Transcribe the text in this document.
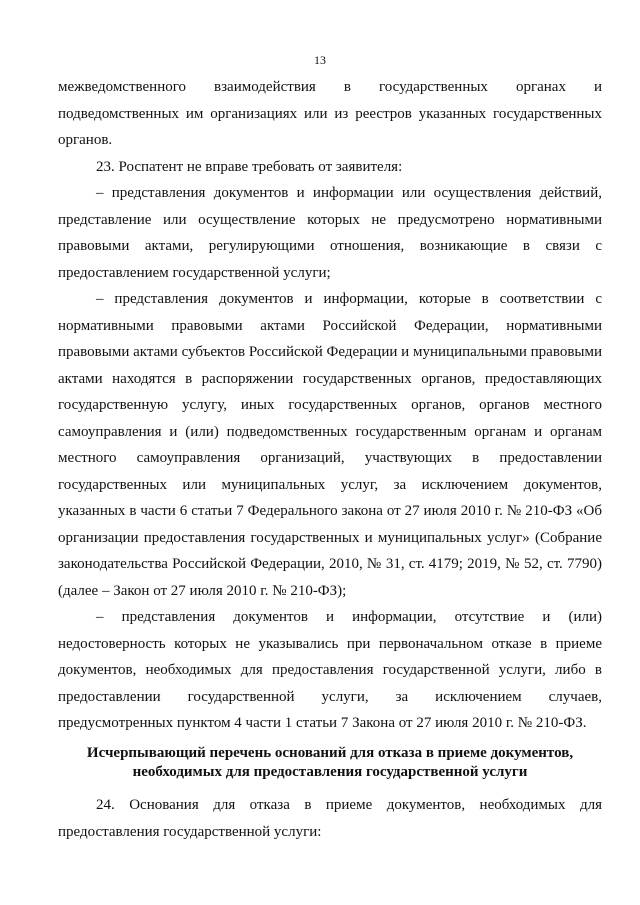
13

межведомственного взаимодействия в государственных органах и подведомственных им организациях или из реестров указанных государственных органов.

23. Роспатент не вправе требовать от заявителя:

– представления документов и информации или осуществления действий, представление или осуществление которых не предусмотрено нормативными правовыми актами, регулирующими отношения, возникающие в связи с предоставлением государственной услуги;

– представления документов и информации, которые в соответствии с нормативными правовыми актами Российской Федерации, нормативными правовыми актами субъектов Российской Федерации и муниципальными правовыми актами находятся в распоряжении государственных органов, предоставляющих государственную услугу, иных государственных органов, органов местного самоуправления и (или) подведомственных государственным органам и органам местного самоуправления организаций, участвующих в предоставлении государственных или муниципальных услуг, за исключением документов, указанных в части 6 статьи 7 Федерального закона от 27 июля 2010 г. № 210-ФЗ «Об организации предоставления государственных и муниципальных услуг» (Собрание законодательства Российской Федерации, 2010, № 31, ст. 4179; 2019, № 52, ст. 7790) (далее – Закон от 27 июля 2010 г. № 210-ФЗ);

– представления документов и информации, отсутствие и (или) недостоверность которых не указывались при первоначальном отказе в приеме документов, необходимых для предоставления государственной услуги, либо в предоставлении государственной услуги, за исключением случаев, предусмотренных пунктом 4 части 1 статьи 7 Закона от 27 июля 2010 г. № 210-ФЗ.

Исчерпывающий перечень оснований для отказа в приеме документов,
необходимых для предоставления государственной услуги

24. Основания для отказа в приеме документов, необходимых для предоставления государственной услуги:
